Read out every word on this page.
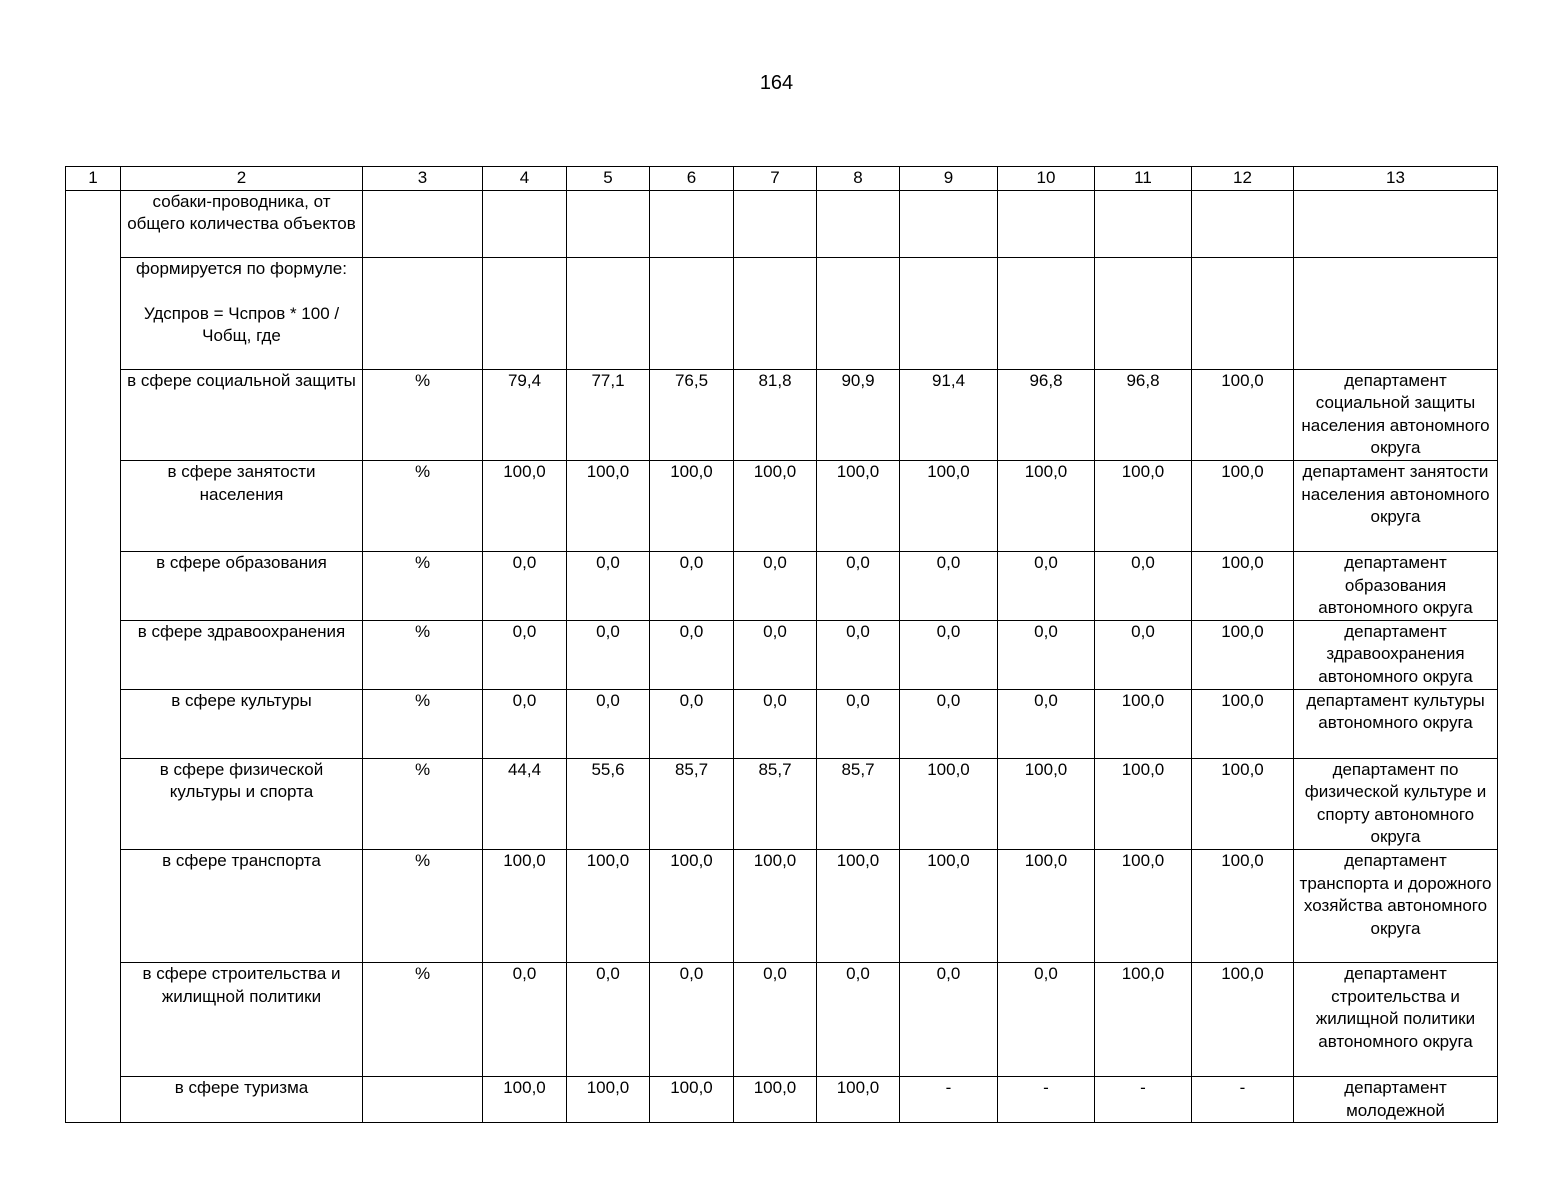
164
1	2	3	4	5	6	7	8	9	10	11	12	13
	собаки-проводника, от общего количества объектов											
	формируется по формуле:

Удспров = Чспров * 100 / Чобщ, где											
	в сфере социальной защиты	%	79,4	77,1	76,5	81,8	90,9	91,4	96,8	96,8	100,0	департамент социальной защиты населения автономного округа
	в сфере занятости населения	%	100,0	100,0	100,0	100,0	100,0	100,0	100,0	100,0	100,0	департамент занятости населения автономного округа
	в сфере образования	%	0,0	0,0	0,0	0,0	0,0	0,0	0,0	0,0	100,0	департамент образования автономного округа
	в сфере здравоохранения	%	0,0	0,0	0,0	0,0	0,0	0,0	0,0	0,0	100,0	департамент здравоохранения автономного округа
	в сфере культуры	%	0,0	0,0	0,0	0,0	0,0	0,0	0,0	100,0	100,0	департамент культуры автономного округа
	в сфере физической культуры и спорта	%	44,4	55,6	85,7	85,7	85,7	100,0	100,0	100,0	100,0	департамент по физической культуре и спорту автономного округа
	в сфере транспорта	%	100,0	100,0	100,0	100,0	100,0	100,0	100,0	100,0	100,0	департамент транспорта и дорожного хозяйства автономного округа
	в сфере строительства и жилищной политики	%	0,0	0,0	0,0	0,0	0,0	0,0	0,0	100,0	100,0	департамент строительства и жилищной политики автономного округа
	в сфере туризма		100,0	100,0	100,0	100,0	100,0	-	-	-	-	департамент молодежной
